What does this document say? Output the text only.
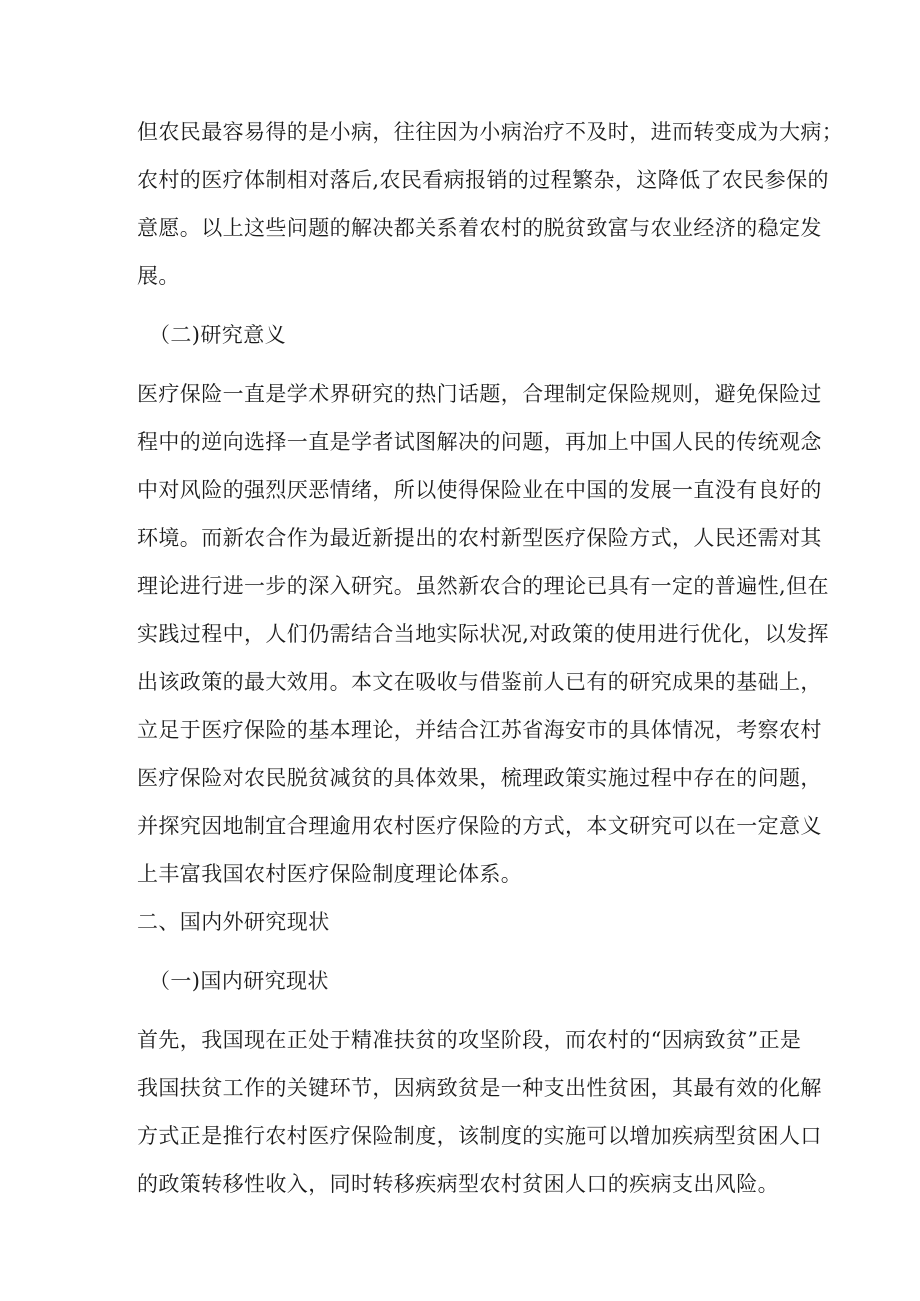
但农民最容易得的是小病，往往因为小病治疗不及时，进而转变成为大病；
农村的医疗体制相对落后,农民看病报销的过程繁杂，这降低了农民参保的
意愿。以上这些问题的解决都关系着农村的脱贫致富与农业经济的稳定发
展。
（二)研究意义
医疗保险一直是学术界研究的热门话题，合理制定保险规则，避免保险过
程中的逆向选择一直是学者试图解决的问题，再加上中国人民的传统观念
中对风险的强烈厌恶情绪，所以使得保险业在中国的发展一直没有良好的
环境。而新农合作为最近新提出的农村新型医疗保险方式，人民还需对其
理论进行进一步的深入研究。虽然新农合的理论已具有一定的普遍性,但在
实践过程中，人们仍需结合当地实际状况,对政策的使用进行优化，以发挥
出该政策的最大效用。本文在吸收与借鉴前人已有的研究成果的基础上，
立足于医疗保险的基本理论，并结合江苏省海安市的具体情况，考察农村
医疗保险对农民脱贫减贫的具体效果，梳理政策实施过程中存在的问题，
并探究因地制宜合理逾用农村医疗保险的方式，本文研究可以在一定意义
上丰富我国农村医疗保险制度理论体系。
二、国内外研究现状
（一)国内研究现状
首先，我国现在正处于精准扶贫的攻坚阶段，而农村的“因病致贫”正是
我国扶贫工作的关键环节，因病致贫是一种支出性贫困，其最有效的化解
方式正是推行农村医疗保险制度，该制度的实施可以增加疾病型贫困人口
的政策转移性收入，同时转移疾病型农村贫困人口的疾病支出风险。
